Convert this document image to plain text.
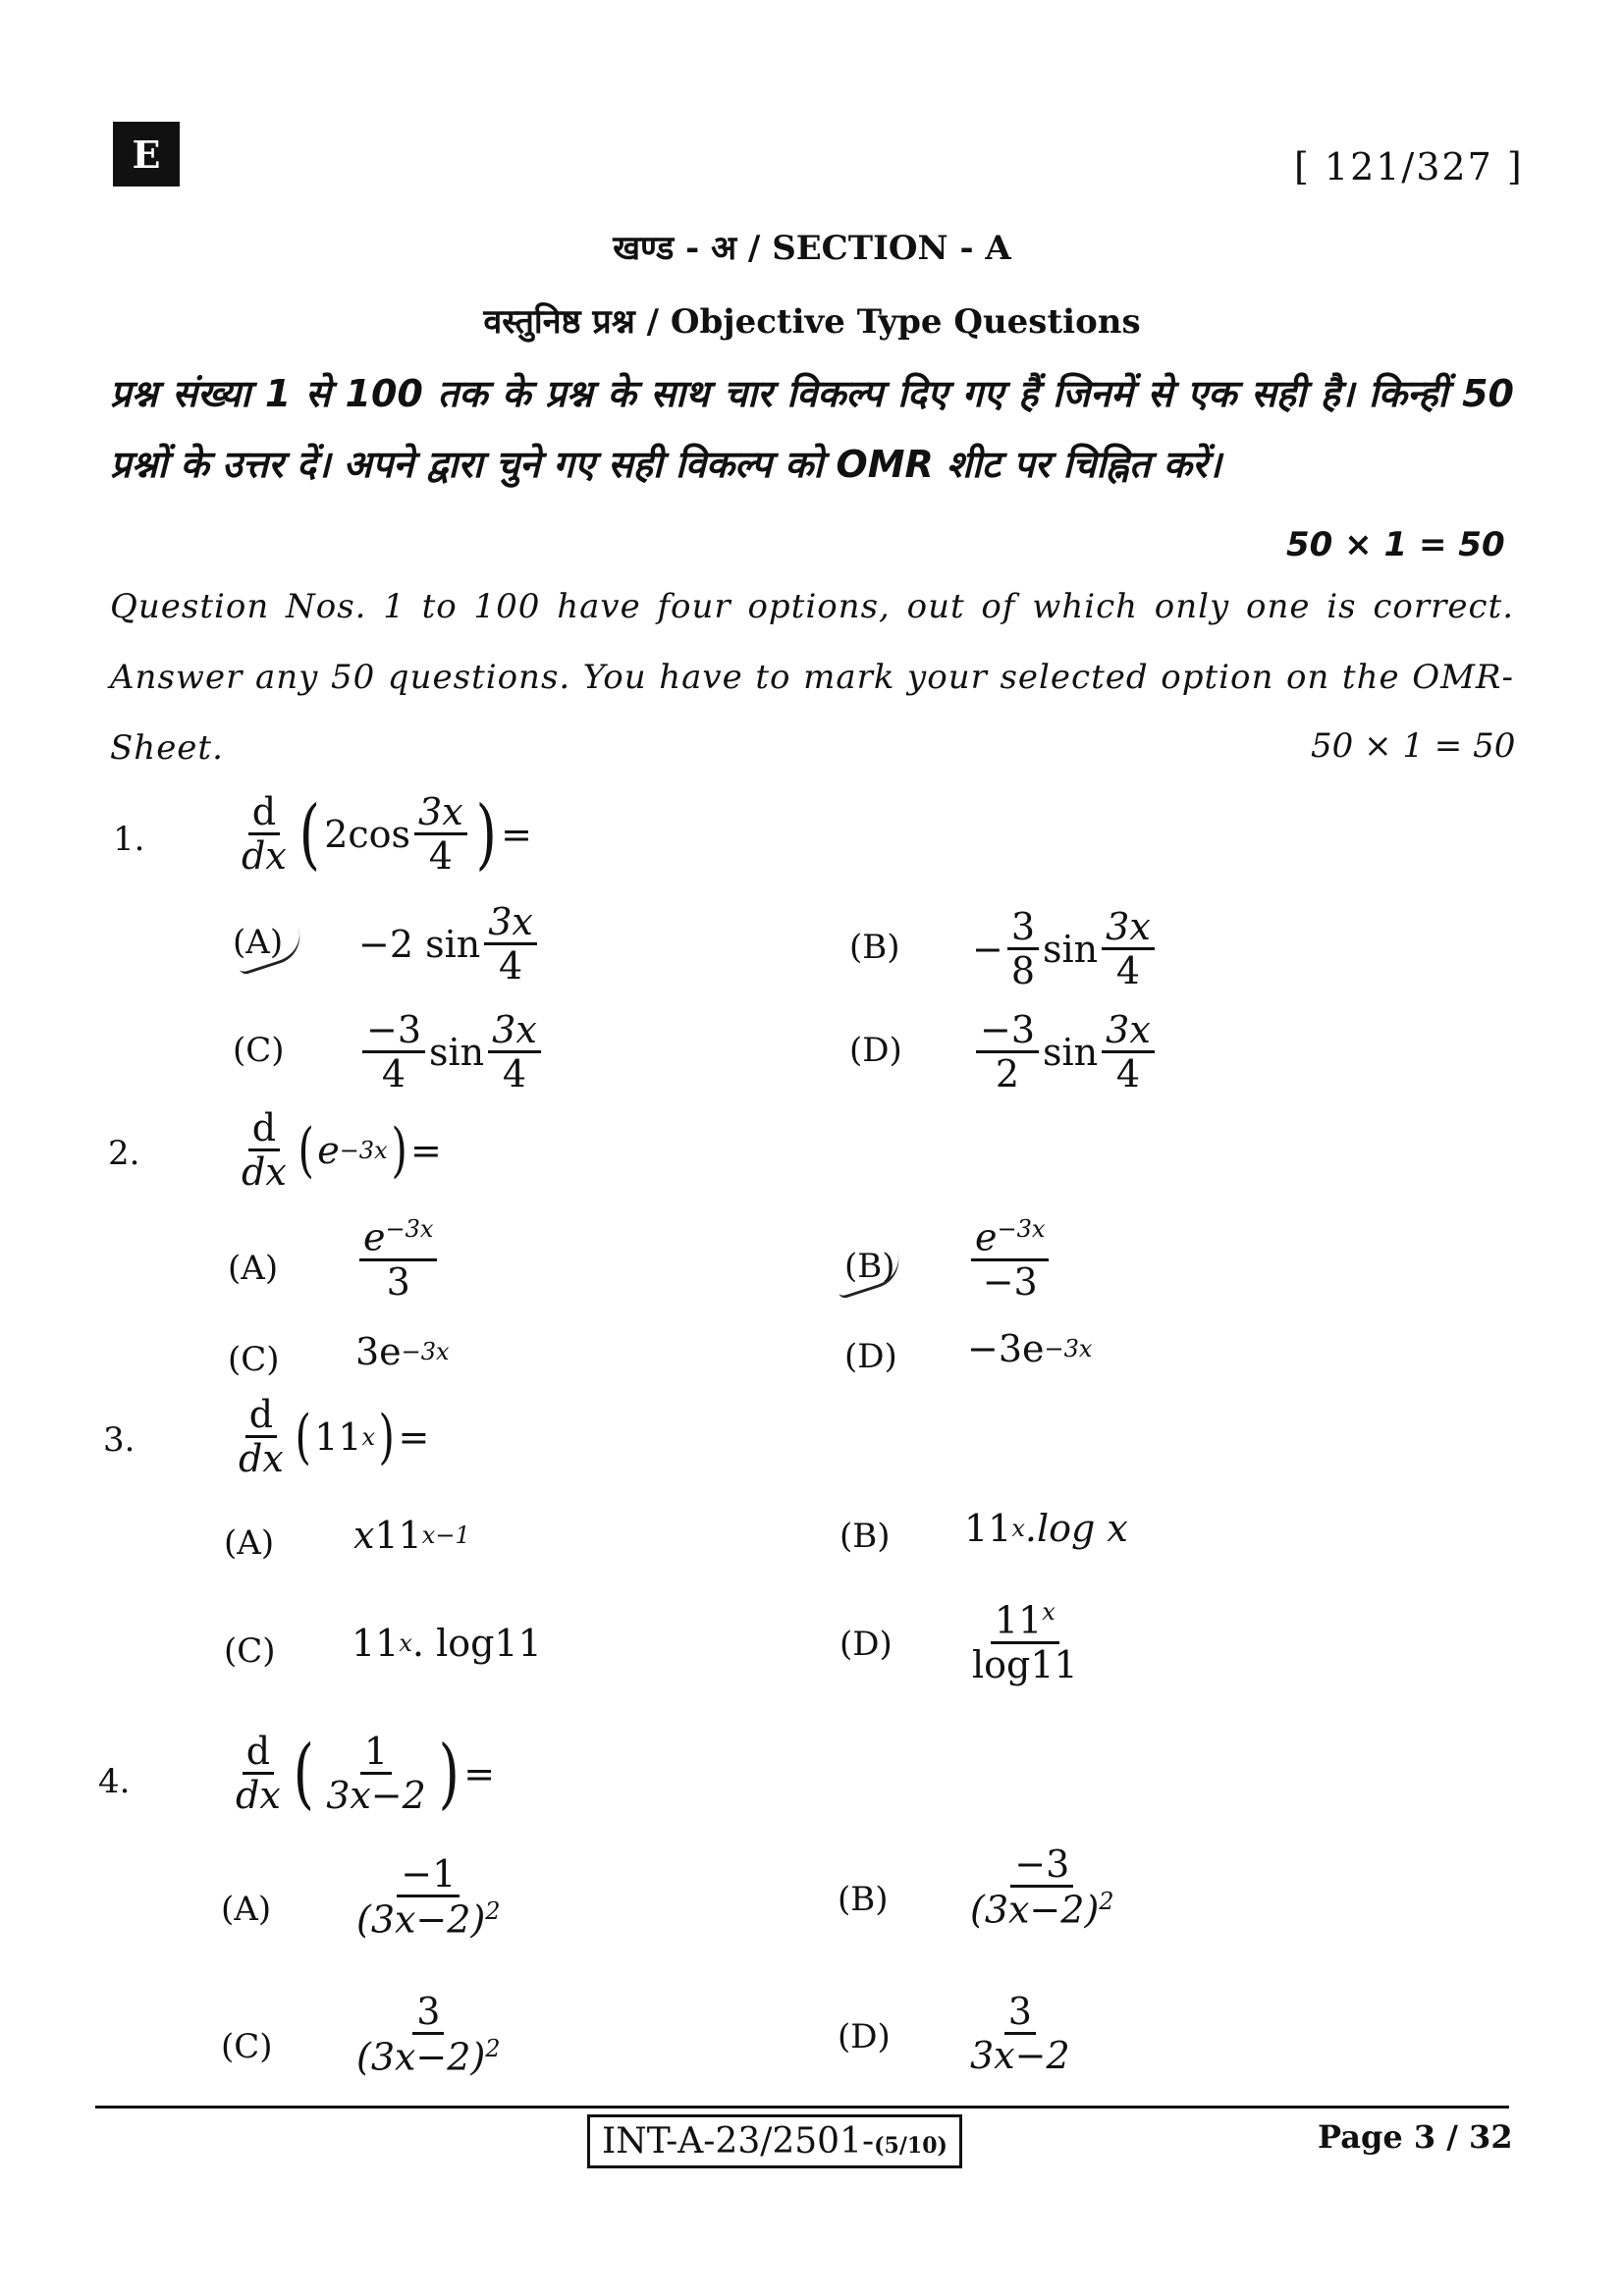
E	[ 121/327 ]
खण्ड - अ / SECTION - A
वस्तुनिष्ठ प्रश्न / Objective Type Questions
प्रश्न संख्या 1 से 100 तक के प्रश्न के साथ चार विकल्प दिए गए हैं जिनमें से एक सही है। किन्हीं 50 प्रश्नों के उत्तर दें। अपने द्वारा चुने गए सही विकल्प को OMR शीट पर चिह्नित करें।
50 × 1 = 50
Question Nos. 1 to 100 have four options, out of which only one is correct. Answer any 50 questions. You have to mark your selected option on the OMR-Sheet.	50 × 1 = 50
1. $\frac{d}{dx}$ ( $2\cos \frac{3x}{4}$ ) =
(A) −2 $\sin \frac{3x}{4}$	$(B) - \frac{3}{8}$ $\sin \frac{3x}{4}$
$(C) \frac{-3}{4}$ $\sin \frac{3x}{4}$	$(D) \frac{-3}{2}$ $\sin \frac{3x}{4}$
2.	$\frac{d}{dx}$ ( e −3x ) =
$(A) \frac{e^{-3x}}{3}$	$(B) \frac{e^{-3x}}{-3}$
(C) 3e −3x	(D) −3e −3x
3.	$\frac{d}{dx}$ ( 11 x ) =
(A) x 11 x−1	(B) 11 x .log x
(C) 11 x . log11	$(D) \frac{11^x}{\log 11}$
4.	$\frac{d}{dx}$ ( $\frac{1}{3x-2}$ ) =
$(A) \frac{-1}{(3x-2)^2}$	$(B) \frac{-3}{(3x-2)^2}$
$(C) \frac{3}{(3x-2)^2}$	$(D) \frac{3}{3x-2}$
INT-A-23/2501-(5/10)	Page 3 / 32
